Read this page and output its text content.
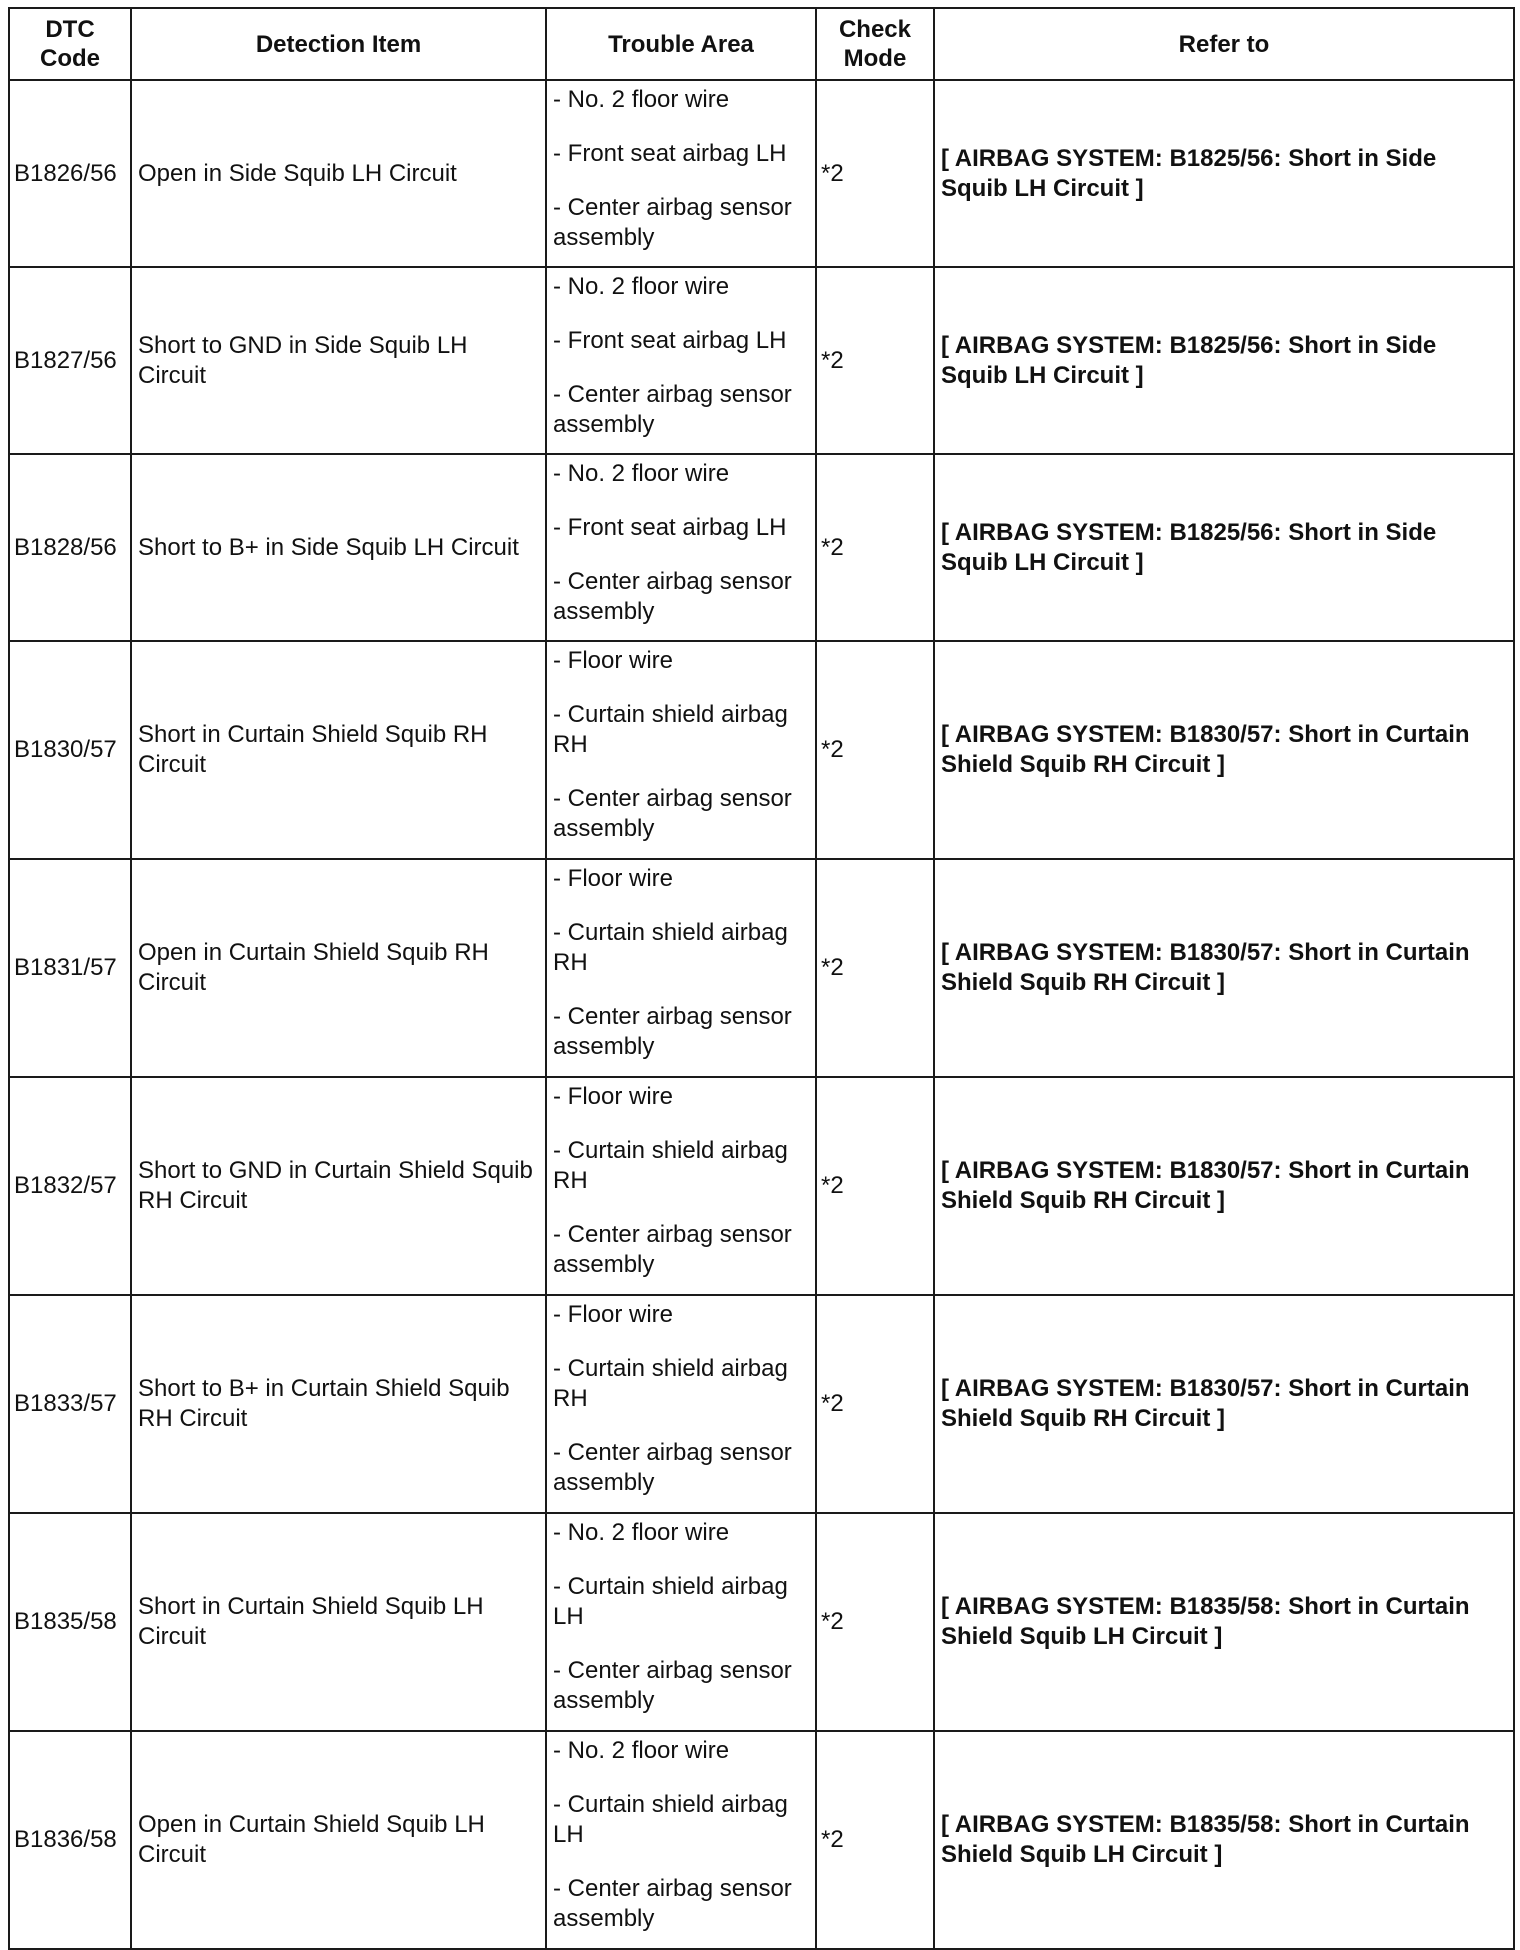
DTC Code	Detection Item	Trouble Area	Check Mode	Refer to
B1826/56	Open in Side Squib LH Circuit	- No. 2 floor wire
- Front seat airbag LH
- Center airbag sensor assembly	*2	[ AIRBAG SYSTEM: B1825/56: Short in Side Squib LH Circuit ]
B1827/56	Short to GND in Side Squib LH Circuit	- No. 2 floor wire
- Front seat airbag LH
- Center airbag sensor assembly	*2	[ AIRBAG SYSTEM: B1825/56: Short in Side Squib LH Circuit ]
B1828/56	Short to B+ in Side Squib LH Circuit	- No. 2 floor wire
- Front seat airbag LH
- Center airbag sensor assembly	*2	[ AIRBAG SYSTEM: B1825/56: Short in Side Squib LH Circuit ]
B1830/57	Short in Curtain Shield Squib RH Circuit	- Floor wire
- Curtain shield airbag RH
- Center airbag sensor assembly	*2	[ AIRBAG SYSTEM: B1830/57: Short in Curtain Shield Squib RH Circuit ]
B1831/57	Open in Curtain Shield Squib RH Circuit	- Floor wire
- Curtain shield airbag RH
- Center airbag sensor assembly	*2	[ AIRBAG SYSTEM: B1830/57: Short in Curtain Shield Squib RH Circuit ]
B1832/57	Short to GND in Curtain Shield Squib RH Circuit	- Floor wire
- Curtain shield airbag RH
- Center airbag sensor assembly	*2	[ AIRBAG SYSTEM: B1830/57: Short in Curtain Shield Squib RH Circuit ]
B1833/57	Short to B+ in Curtain Shield Squib RH Circuit	- Floor wire
- Curtain shield airbag RH
- Center airbag sensor assembly	*2	[ AIRBAG SYSTEM: B1830/57: Short in Curtain Shield Squib RH Circuit ]
B1835/58	Short in Curtain Shield Squib LH Circuit	- No. 2 floor wire
- Curtain shield airbag LH
- Center airbag sensor assembly	*2	[ AIRBAG SYSTEM: B1835/58: Short in Curtain Shield Squib LH Circuit ]
B1836/58	Open in Curtain Shield Squib LH Circuit	- No. 2 floor wire
- Curtain shield airbag LH
- Center airbag sensor assembly	*2	[ AIRBAG SYSTEM: B1835/58: Short in Curtain Shield Squib LH Circuit ]
